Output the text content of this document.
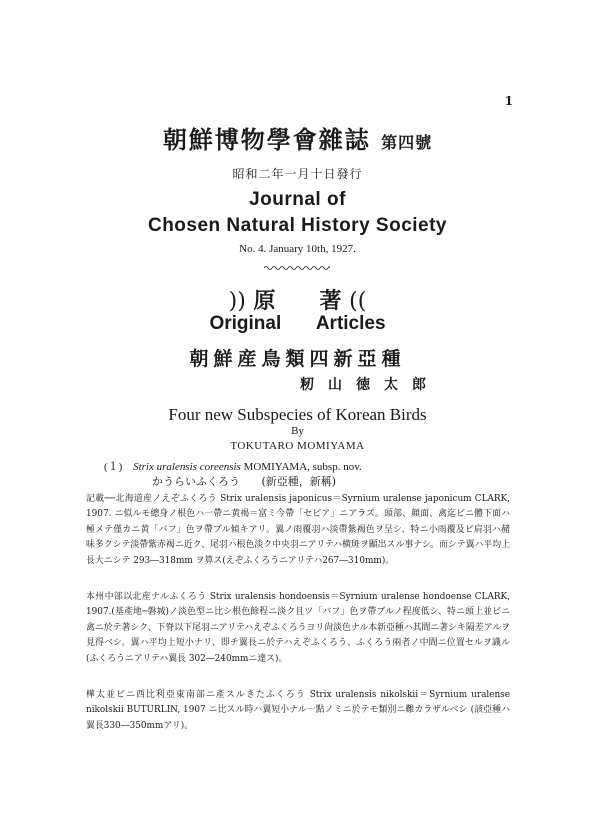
1
朝鮮博物學會雜誌 第四號
昭和二年一月十日發行
Journal of
Chosen Natural History Society
No. 4. January 10th, 1927.
)) 原　　著 ((
Original Articles
朝鮮産鳥類四新亞種
籾山徳太郎
Four new Subspecies of Korean Birds
By
TOKUTARO MOMIYAMA
(１) Strix uralensis coreensis MOMIYAMA, subsp. nov.
かうらいふくろう (新亞種，新稱)
記載──北海道産ノえぞふくろう Strix uralensis japonicus＝Syrnium uralense japonicum CLARK, 1907. ニ似ルモ總身ノ根色ハ一帶ニ黄褐＝富ミ今帶「セピア」ニアラズ。頭部、顔面、禽迄ビニ體下面ハ極メテ僅カニ黄「バフ」色ヲ帶ブル傾キアリ。翼ノ雨覆羽ハ淡帶紫褐色ヲ呈シ、特ニ小雨覆及ビ肩羽ハ赭味多クシテ淡帶紫赤褐ニ近ク、尾羽ハ根色淡ク中央羽ニアリテハ横斑ヲ顯出スル事ナシ。而シテ翼ハ平均上長大ニシテ 293―318mm ヲ算ス(えぞふくろうニアリテハ267―310mm)。
本州中部以北産ナルふくろう Strix uralensis hondoensis＝Syrnium uralense hondoense CLARK, 1907.(基產地─磐城)ノ淡色型ニ比シ根色餘程ニ淡ク且ツ「バフ」色ヲ帶ブルノ程度低シ、特ニ頭上並ビニ禽ニ於テ著シク、下脊以下尾羽ニアリテハえぞふくろうヨリ尙淡色ナル本新亞種ハ其間ニ著シキ隔差アルヲ見得ベシ。翼ハ平均上短小ナリ、即チ翼長ニ於テハえぞふくろう、ふくろう兩者ノ中間ニ位置セルヲ識ル (ふくろうニアリテハ翼長 302―240mmニ達ス)。
樺太並ビニ西比利亞東南部ニ產スルきたふくろう Strix uralensis nikolskii＝Syrnium uralense nikolskii BUTURLIN, 1907 ニ比スル時ハ翼短小ナル一點ノミニ於テモ類別ニ難カラザルベシ (該亞種ハ翼長330―350mmアリ)。
